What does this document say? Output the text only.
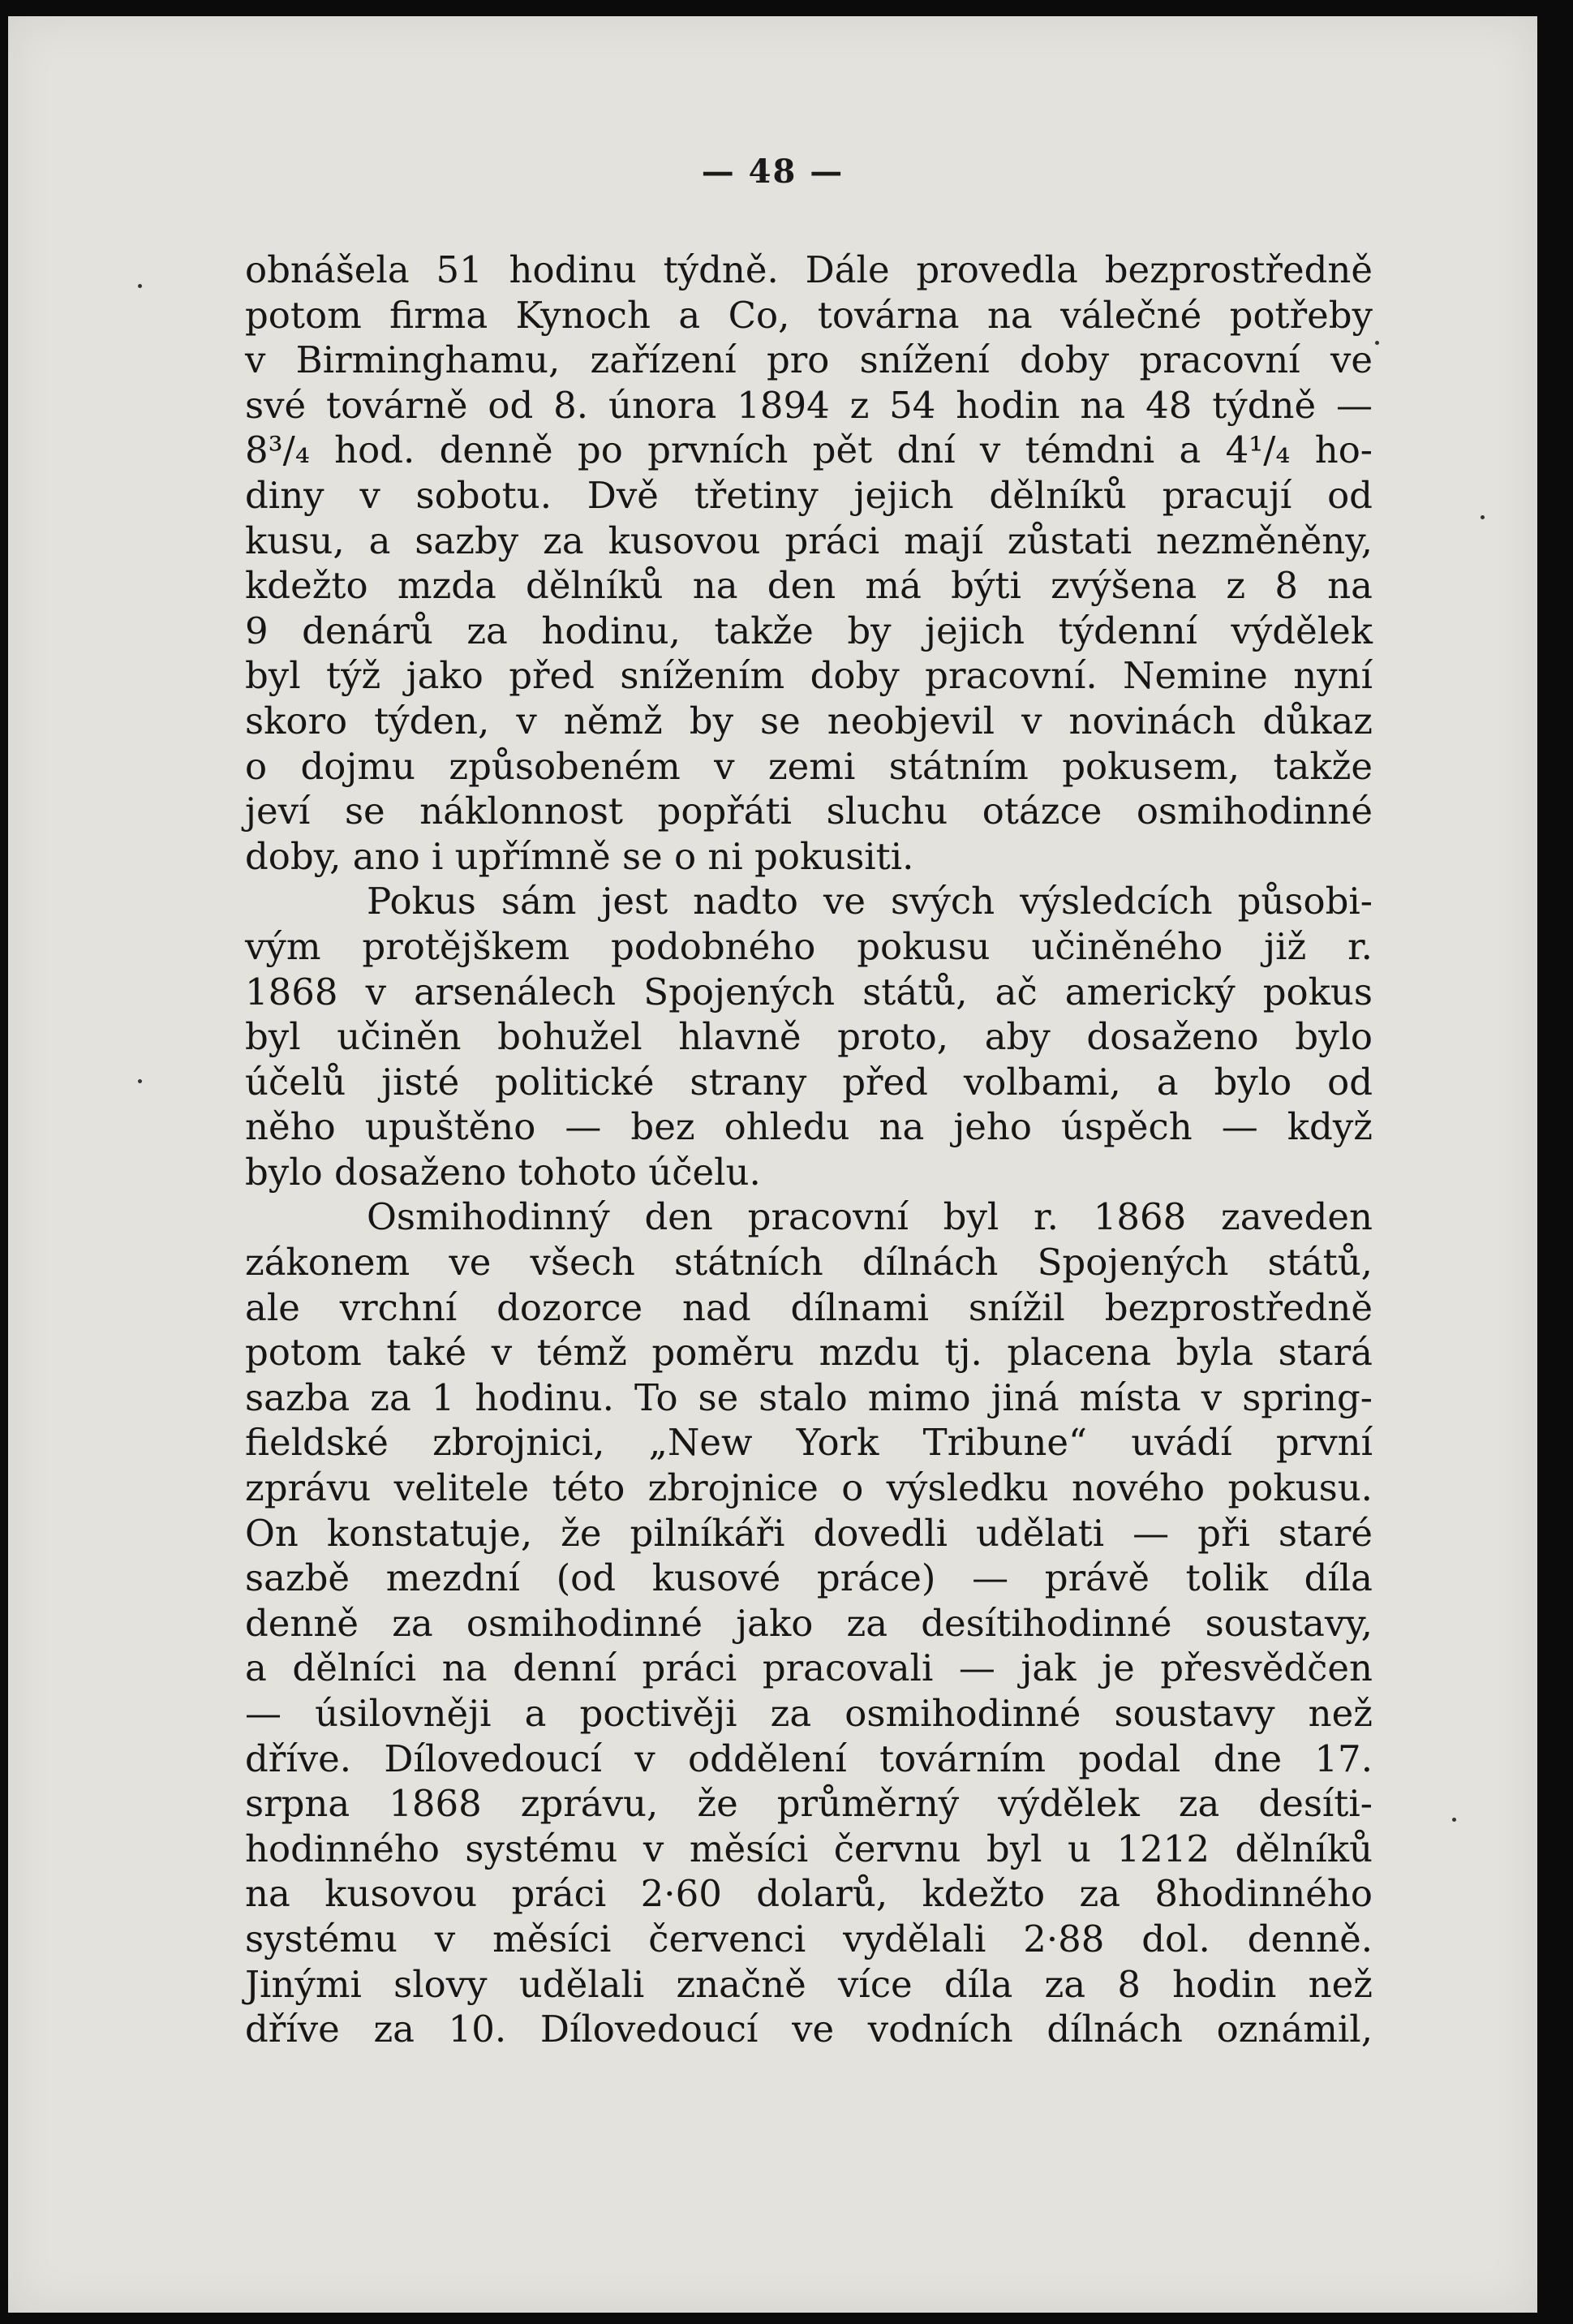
— 48 —
obnášela 51 hodinu týdně. Dále provedla bezprostředně
potom firma Kynoch a Co, továrna na válečné potřeby
v Birminghamu, zařízení pro snížení doby pracovní ve
své továrně od 8. února 1894 z 54 hodin na 48 týdně —
8³/₄ hod. denně po prvních pět dní v témdni a 4¹/₄ ho-
diny v sobotu. Dvě třetiny jejich dělníků pracují od
kusu, a sazby za kusovou práci mají zůstati nezměněny,
kdežto mzda dělníků na den má býti zvýšena z 8 na
9 denárů za hodinu, takže by jejich týdenní výdělek
byl týž jako před snížením doby pracovní. Nemine nyní
skoro týden, v němž by se neobjevil v novinách důkaz
o dojmu způsobeném v zemi státním pokusem, takže
jeví se náklonnost popřáti sluchu otázce osmihodinné
doby, ano i upřímně se o ni pokusiti.
Pokus sám jest nadto ve svých výsledcích působi-
vým protějškem podobného pokusu učiněného již r.
1868 v arsenálech Spojených států, ač americký pokus
byl učiněn bohužel hlavně proto, aby dosaženo bylo
účelů jisté politické strany před volbami, a bylo od
něho upuštěno — bez ohledu na jeho úspěch — když
bylo dosaženo tohoto účelu.
Osmihodinný den pracovní byl r. 1868 zaveden
zákonem ve všech státních dílnách Spojených států,
ale vrchní dozorce nad dílnami snížil bezprostředně
potom také v témž poměru mzdu tj. placena byla stará
sazba za 1 hodinu. To se stalo mimo jiná místa v spring-
fieldské zbrojnici, „New York Tribune“ uvádí první
zprávu velitele této zbrojnice o výsledku nového pokusu.
On konstatuje, že pilníkáři dovedli udělati — při staré
sazbě mezdní (od kusové práce) — právě tolik díla
denně za osmihodinné jako za desítihodinné soustavy,
a dělníci na denní práci pracovali — jak je přesvědčen
— úsilovněji a poctivěji za osmihodinné soustavy než
dříve. Dílovedoucí v oddělení továrním podal dne 17.
srpna 1868 zprávu, že průměrný výdělek za desíti-
hodinného systému v měsíci červnu byl u 1212 dělníků
na kusovou práci 2·60 dolarů, kdežto za 8hodinného
systému v měsíci červenci vydělali 2·88 dol. denně.
Jinými slovy udělali značně více díla za 8 hodin než
dříve za 10. Dílovedoucí ve vodních dílnách oznámil,
